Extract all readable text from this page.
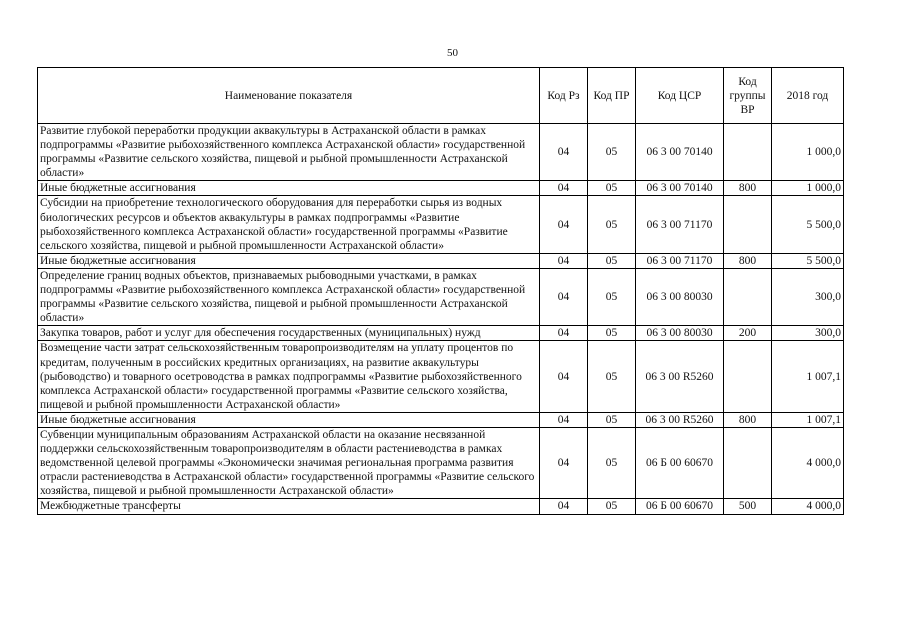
50
Наименование показателя	Код Рз	Код ПР	Код ЦСР	Код группы ВР	2018 год
Развитие глубокой переработки продукции аквакультуры в Астраханской области в рамках подпрограммы «Развитие рыбохозяйственного комплекса Астраханской области» государственной программы «Развитие сельского хозяйства, пищевой и рыбной промышленности Астраханской области»	04	05	06 3 00 70140		1 000,0
Иные бюджетные ассигнования	04	05	06 3 00 70140	800	1 000,0
Субсидии на приобретение технологического оборудования для переработки сырья из водных биологических ресурсов и объектов аквакультуры в рамках подпрограммы «Развитие рыбохозяйственного комплекса Астраханской области» государственной программы «Развитие сельского хозяйства, пищевой и рыбной промышленности Астраханской области»	04	05	06 3 00 71170		5 500,0
Иные бюджетные ассигнования	04	05	06 3 00 71170	800	5 500,0
Определение границ водных объектов, признаваемых рыбоводными участками, в рамках подпрограммы «Развитие рыбохозяйственного комплекса Астраханской области» государственной программы «Развитие сельского хозяйства, пищевой и рыбной промышленности Астраханской области»	04	05	06 3 00 80030		300,0
Закупка товаров, работ и услуг для обеспечения государственных (муниципальных) нужд	04	05	06 3 00 80030	200	300,0
Возмещение части затрат сельскохозяйственным товаропроизводителям на уплату процентов по кредитам, полученным в российских кредитных организациях, на развитие аквакультуры (рыбоводство) и товарного осетроводства в рамках подпрограммы «Развитие рыбохозяйственного комплекса Астраханской области» государственной программы «Развитие сельского хозяйства, пищевой и рыбной промышленности Астраханской области»	04	05	06 3 00 R5260		1 007,1
Иные бюджетные ассигнования	04	05	06 3 00 R5260	800	1 007,1
Субвенции муниципальным образованиям Астраханской области на оказание несвязанной поддержки сельскохозяйственным товаропроизводителям в области растениеводства в рамках ведомственной целевой программы «Экономически значимая региональная программа развития отрасли растениеводства в Астраханской области» государственной программы «Развитие сельского хозяйства, пищевой и рыбной промышленности Астраханской области»	04	05	06 Б 00 60670		4 000,0
Межбюджетные трансферты	04	05	06 Б 00 60670	500	4 000,0
